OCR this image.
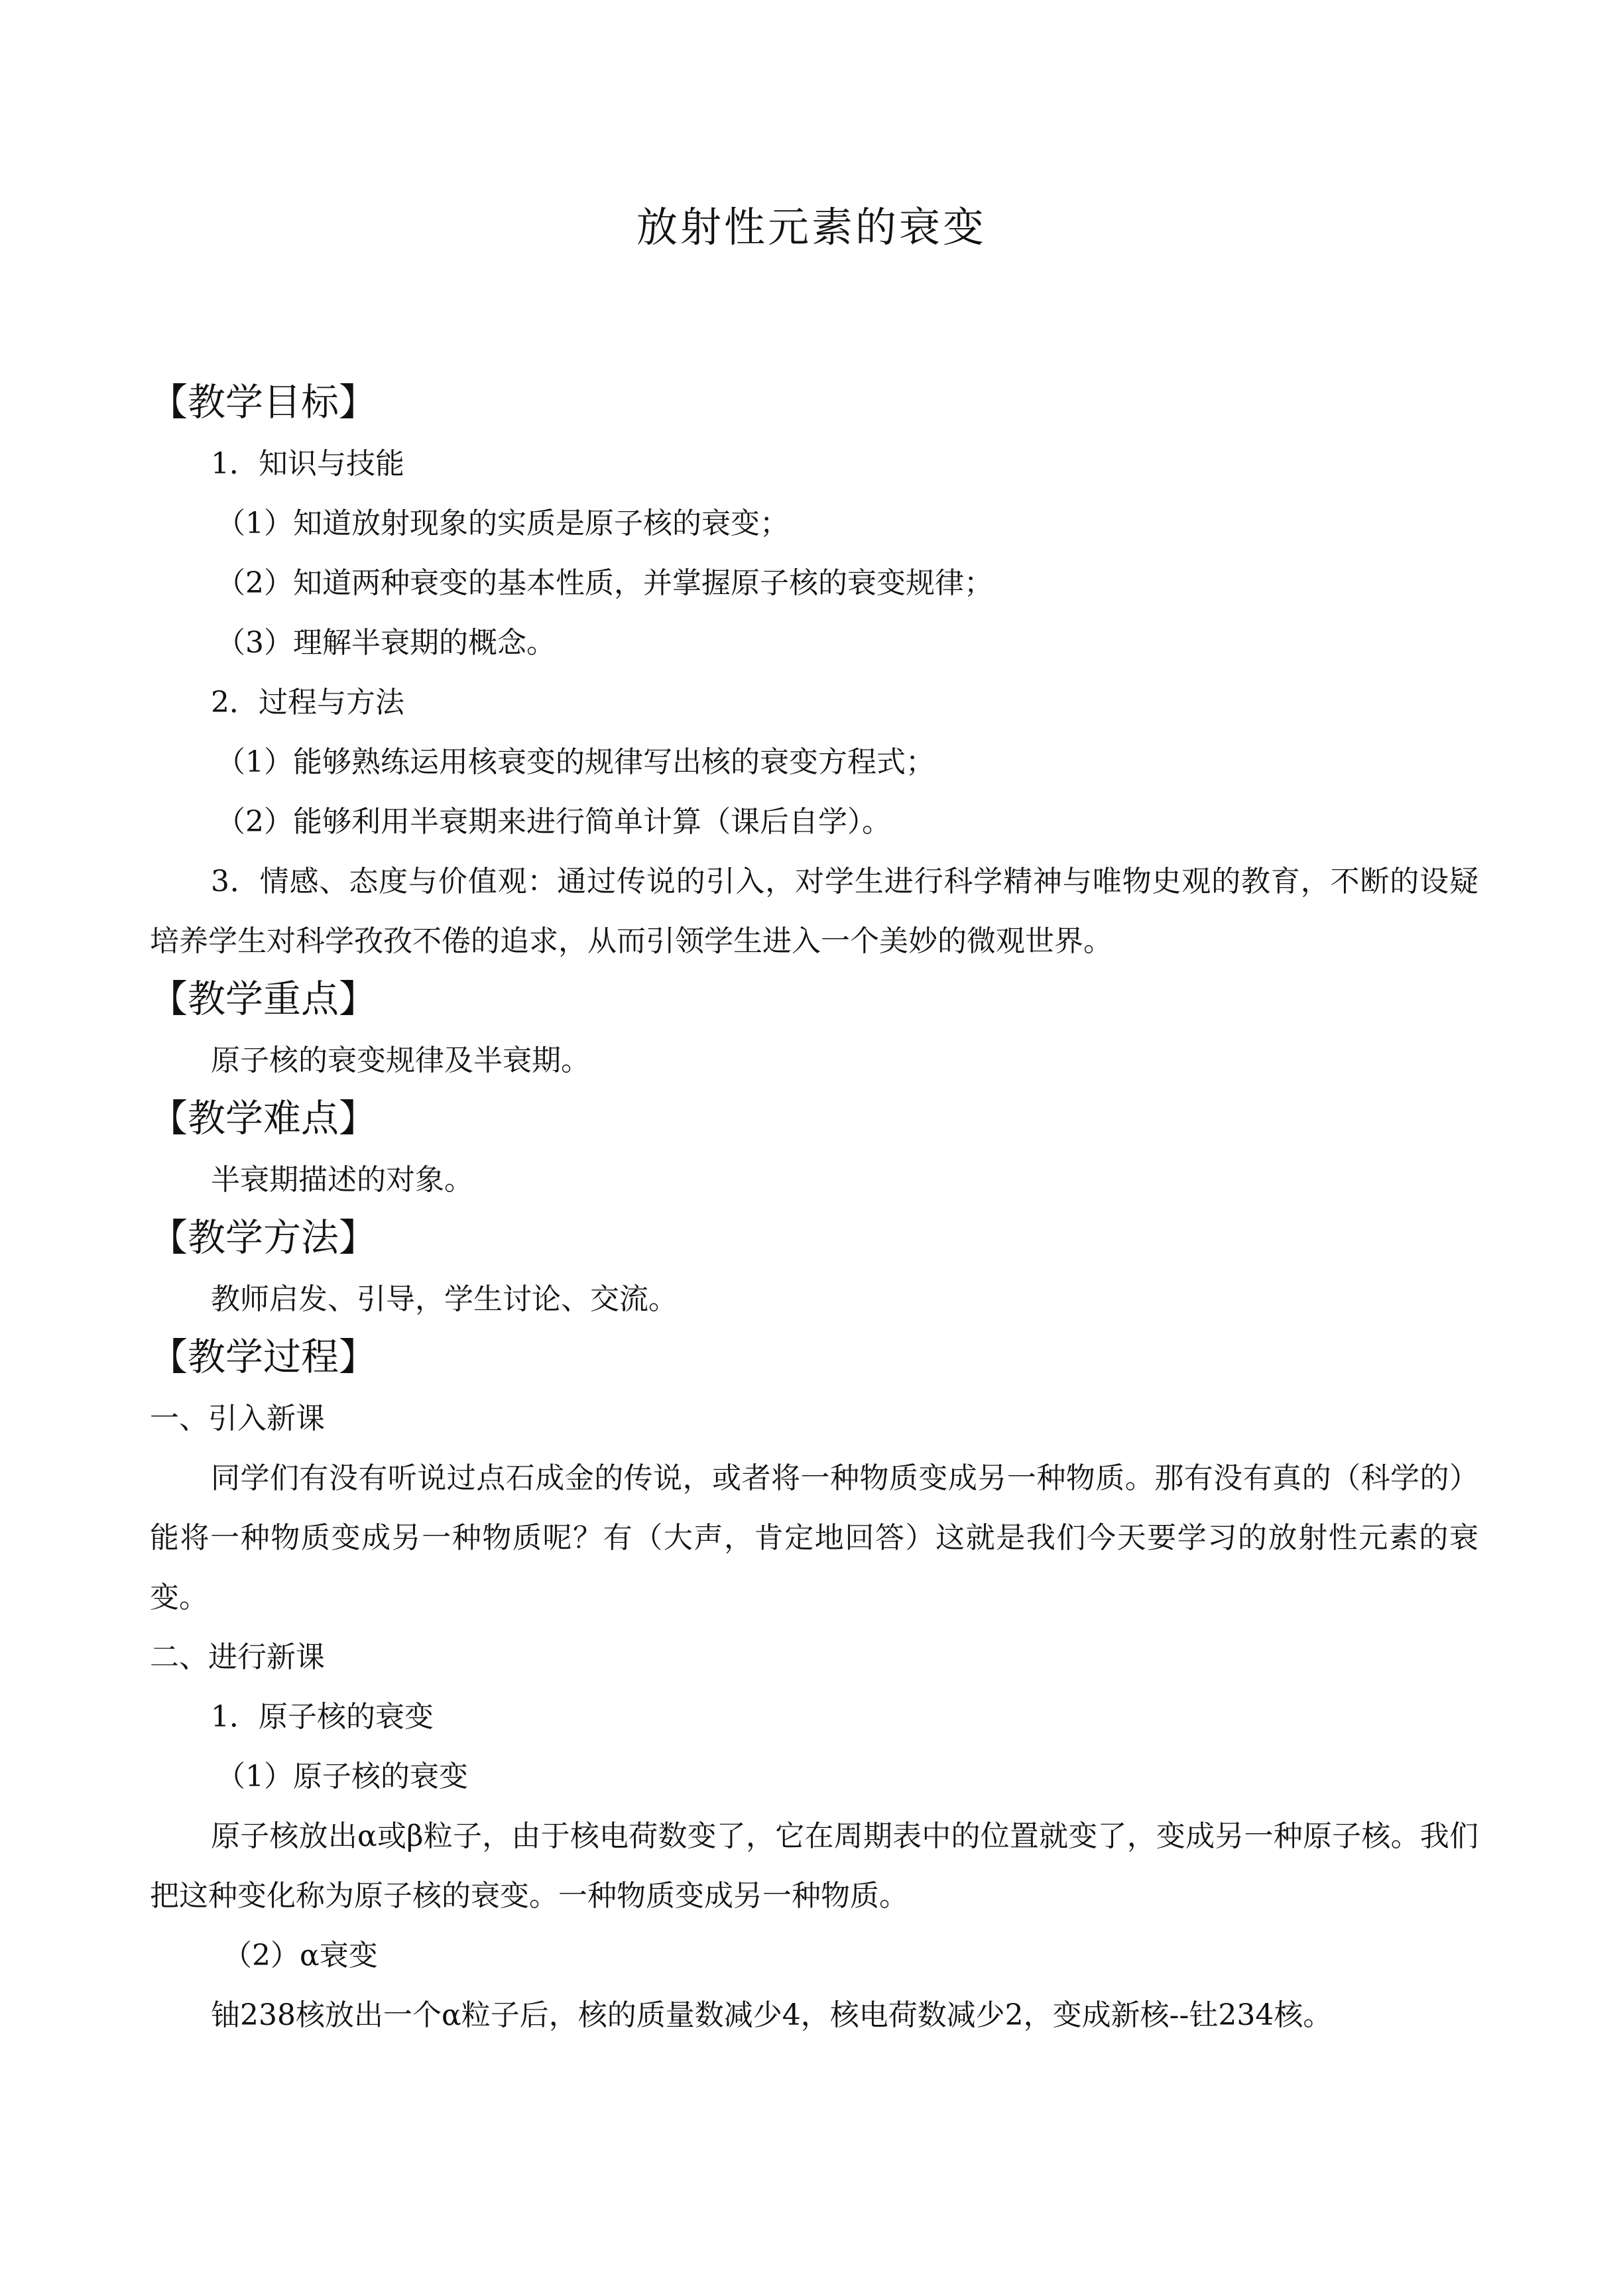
放射性元素的衰变
【教学目标】

1．知识与技能

（1）知道放射现象的实质是原子核的衰变；

（2）知道两种衰变的基本性质，并掌握原子核的衰变规律；

（3）理解半衰期的概念。

2．过程与方法

（1）能够熟练运用核衰变的规律写出核的衰变方程式；

（2）能够利用半衰期来进行简单计算（课后自学）。

3．情感、态度与价值观：通过传说的引入，对学生进行科学精神与唯物史观的教育，不断的设疑培养学生对科学孜孜不倦的追求，从而引领学生进入一个美妙的微观世界。

【教学重点】

原子核的衰变规律及半衰期。

【教学难点】

半衰期描述的对象。

【教学方法】

教师启发、引导，学生讨论、交流。

【教学过程】

一、引入新课

同学们有没有听说过点石成金的传说，或者将一种物质变成另一种物质。那有没有真的（科学的）能将一种物质变成另一种物质呢？有（大声，肯定地回答）这就是我们今天要学习的放射性元素的衰变。

二、进行新课

1．原子核的衰变

（1）原子核的衰变

原子核放出α或β粒子，由于核电荷数变了，它在周期表中的位置就变了，变成另一种原子核。我们把这种变化称为原子核的衰变。一种物质变成另一种物质。

（2）α衰变

铀238核放出一个α粒子后，核的质量数减少4，核电荷数减少2，变成新核--钍234核。
